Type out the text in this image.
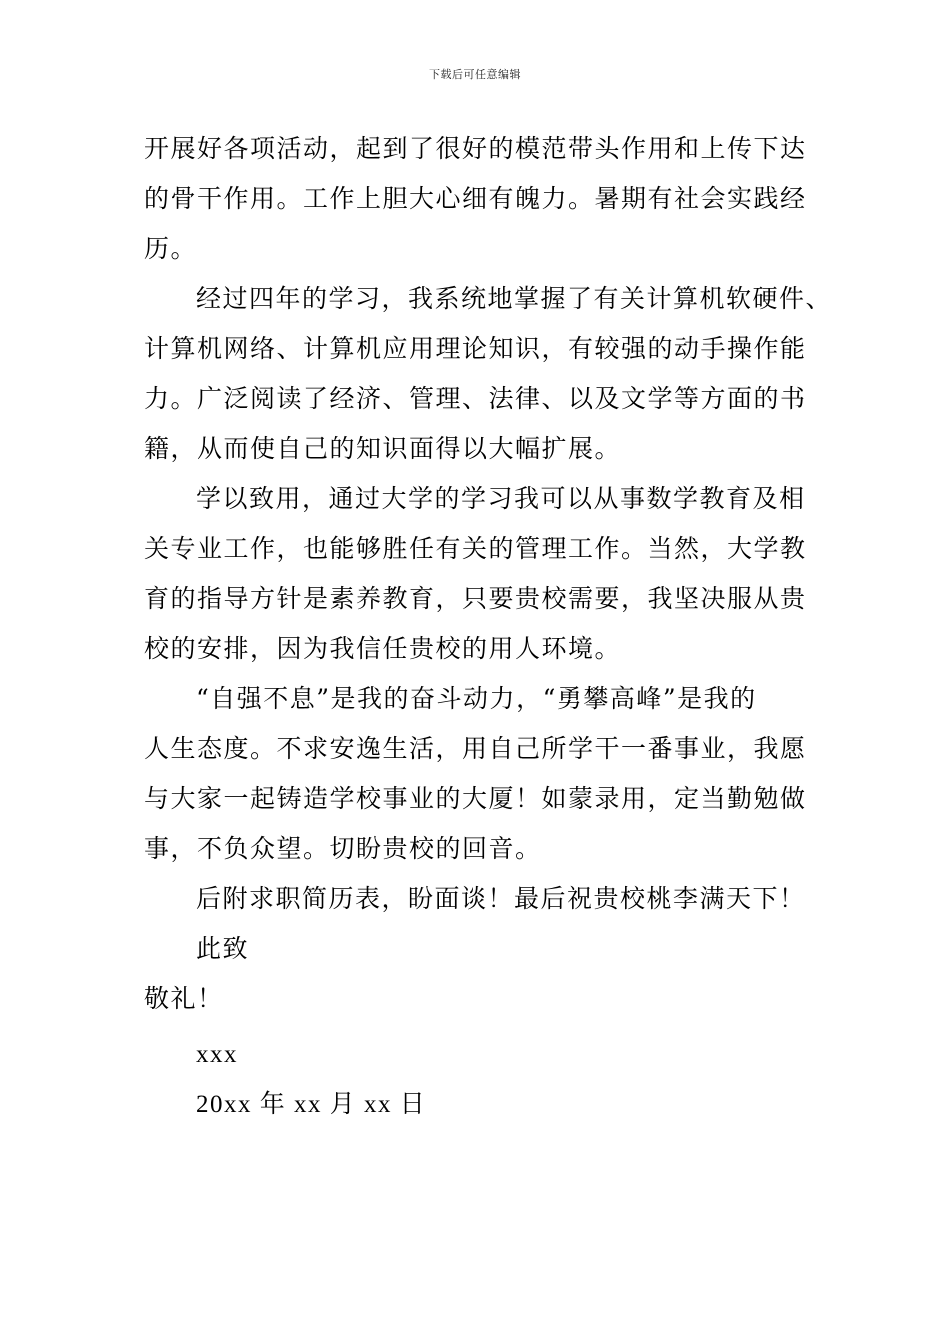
下载后可任意编辑

开展好各项活动，起到了很好的模范带头作用和上传下达

的骨干作用。工作上胆大心细有魄力。暑期有社会实践经

历。

经过四年的学习，我系统地掌握了有关计算机软硬件、

计算机网络、计算机应用理论知识，有较强的动手操作能

力。广泛阅读了经济、管理、法律、以及文学等方面的书

籍，从而使自己的知识面得以大幅扩展。

学以致用，通过大学的学习我可以从事数学教育及相

关专业工作，也能够胜任有关的管理工作。当然，大学教

育的指导方针是素养教育，只要贵校需要，我坚决服从贵

校的安排，因为我信任贵校的用人环境。

“自强不息”是我的奋斗动力，“勇攀高峰”是我的

人生态度。不求安逸生活，用自己所学干一番事业，我愿

与大家一起铸造学校事业的大厦！如蒙录用，定当勤勉做

事，不负众望。切盼贵校的回音。

后附求职简历表，盼面谈！最后祝贵校桃李满天下！

此致

敬礼！

xxx

20xx 年 xx 月 xx 日
